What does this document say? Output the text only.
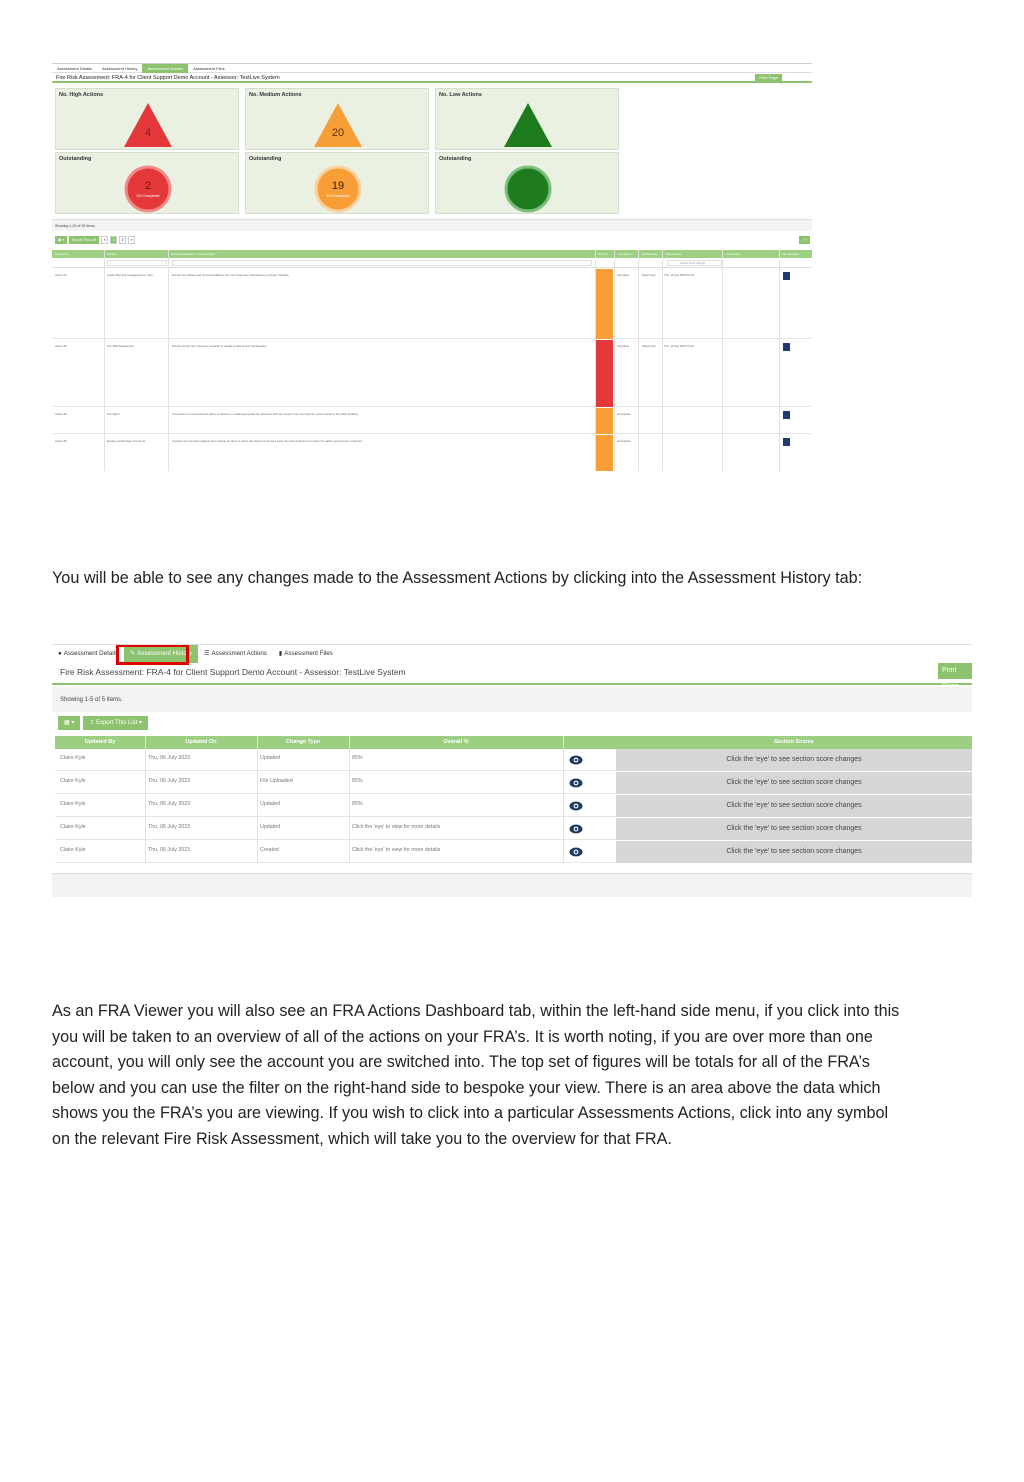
Assessment Details	Assessment History	Assessment Actions	Assessment Files
Fire Risk Assessment: FRA-4 for Client Support Demo Account - Assessor: TestLive System	Print Page
No. High Actions
4
No. Medium Actions
20
No. Low Actions
Outstanding
2
0% Completed
Outstanding
19
5% Completed
Outstanding
Showing 1-20 of 26 items.
▦ ▾	Export This List	«	1	2	»	⤢ ▾
Reference	Section	Recommendation / Improvement	Priority	Completed	Updated By	Target Date	Comments	File Manager
Select Date Range
Action #1	Leadership and management (s.11a)	Ensure the policies and recommendations from the board are understood to a simple checklist.	Complete	Sarah Kyle	Thu, 10 Aug 2023 15:19
Action #6	Fire Risk Assessment	Ensure the fire door has been serviced to rebuild a closing and maintenance.	Complete	Sarah Kyle	Thu, 10 Aug 2023 15:19
Action #8	Fire Alarm	Commission is completed the alarm contractor to install appropriate fire detection with the control room and new fire control panel to the boiler building.	Incomplete
Action #9	Escape and Escape Fire Doors	Contact your fire lead engineer and arrange for them to mirror the electronic devices away from the workroom to ensure fire safety systems are monitored.	Incomplete
You will be able to see any changes made to the Assessment Actions by clicking into the Assessment History tab:
● Assessment Details ✎ Assessment History ☰ Assessment Actions ▮ Assessment Files
Fire Risk Assessment: FRA-4 for Client Support Demo Account - Assessor: TestLive System	Print
Showing 1-5 of 5 items.
▦ ▾	⇪ Export This List ▾
Updated By	Updated On	Change Type	Overall %	Section Scores
Claire Kyle	Thu, 06 July 2023	Updated	85%	Click the 'eye' to see section score changes
Claire Kyle	Thu, 06 July 2023	File Uploaded	85%	Click the 'eye' to see section score changes
Claire Kyle	Thu, 06 July 2023	Updated	85%	Click the 'eye' to see section score changes
Claire Kyle	Thu, 06 July 2023	Updated	Click the 'eye' to view for more details	Click the 'eye' to see section score changes
Claire Kyle	Thu, 06 July 2023	Created	Click the 'eye' to view for more details	Click the 'eye' to see section score changes
As an FRA Viewer you will also see an FRA Actions Dashboard tab, within the left-hand side menu, if you click into this
you will be taken to an overview of all of the actions on your FRA’s. It is worth noting, if you are over more than one
account, you will only see the account you are switched into. The top set of figures will be totals for all of the FRA’s
below and you can use the filter on the right-hand side to bespoke your view. There is an area above the data which
shows you the FRA’s you are viewing. If you wish to click into a particular Assessments Actions, click into any symbol
on the relevant Fire Risk Assessment, which will take you to the overview for that FRA.
